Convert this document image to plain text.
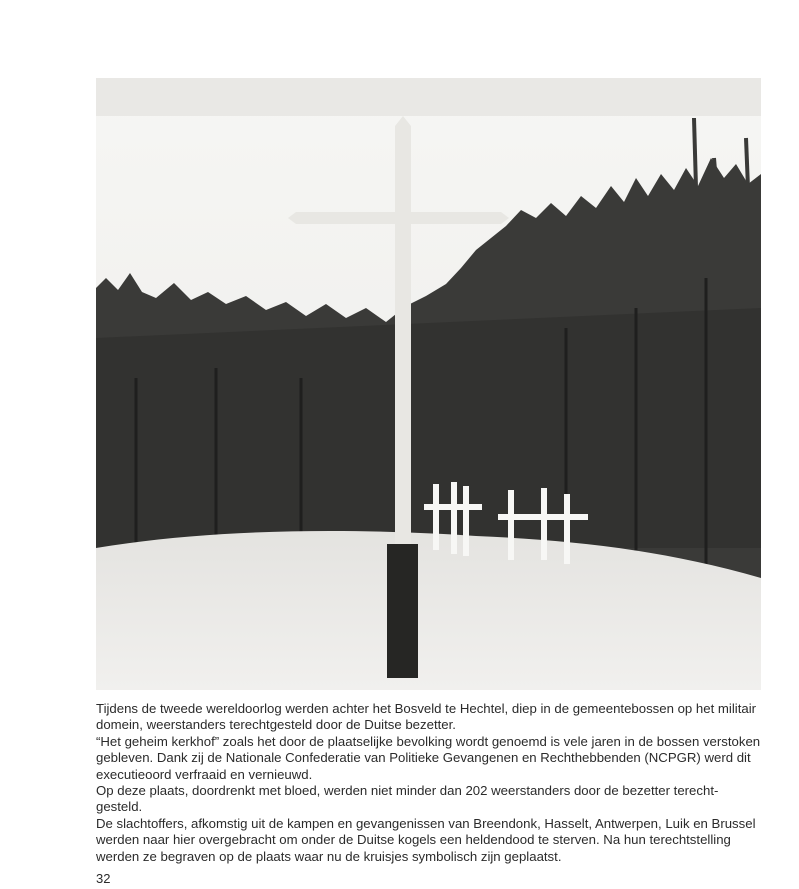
Tijdens de tweede wereldoorlog werden achter het Bosveld te Hechtel, diep in de gemeentebossen op het militair domein, weerstanders terechtgesteld door de Duitse bezetter.

“Het geheim kerkhof” zoals het door de plaatselijke bevolking wordt genoemd is vele jaren in de bossen verstoken gebleven. Dank zij de Nationale Confederatie van Politieke Gevangenen en Rechthebbenden (NCPGR) werd dit executieoord verfraaid en vernieuwd.

Op deze plaats, doordrenkt met bloed, werden niet minder dan 202 weerstanders door de bezetter terecht-gesteld.

De slachtoffers, afkomstig uit de kampen en gevangenissen van Breendonk, Hasselt, Antwerpen, Luik en Brussel werden naar hier overgebracht om onder de Duitse kogels een heldendood te sterven. Na hun terechtstelling werden ze begraven op de plaats waar nu de kruisjes symbolisch zijn geplaatst.

32
